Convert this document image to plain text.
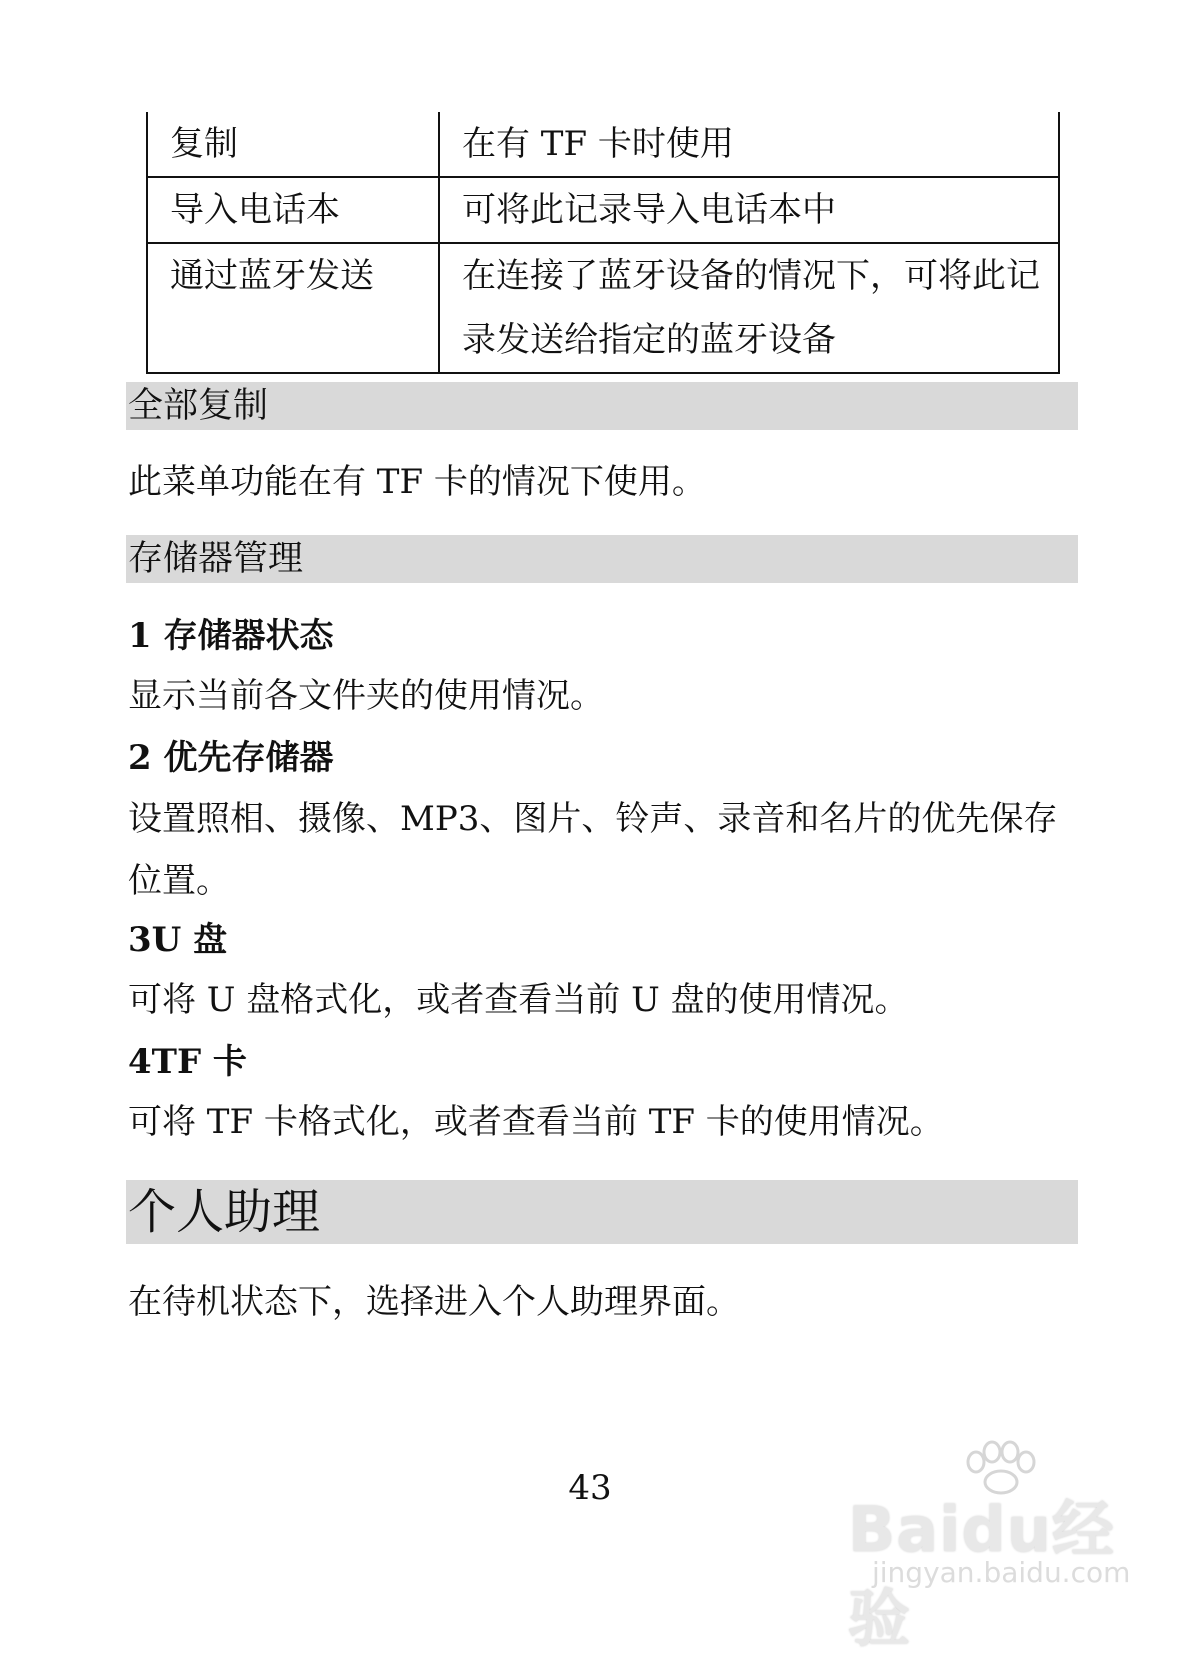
复制	在有 TF 卡时使用
导入电话本	可将此记录导入电话本中
通过蓝牙发送	在连接了蓝牙设备的情况下，可将此记录发送给指定的蓝牙设备
全部复制
此菜单功能在有 TF 卡的情况下使用。
存储器管理
1 存储器状态
显示当前各文件夹的使用情况。
2 优先存储器
设置照相、摄像、MP3、图片、铃声、录音和名片的优先保存位置。
3U 盘
可将 U 盘格式化，或者查看当前 U 盘的使用情况。
4TF 卡
可将 TF 卡格式化，或者查看当前 TF 卡的使用情况。
个人助理
在待机状态下，选择进入个人助理界面。
43
Baidu经验
jingyan.baidu.com
